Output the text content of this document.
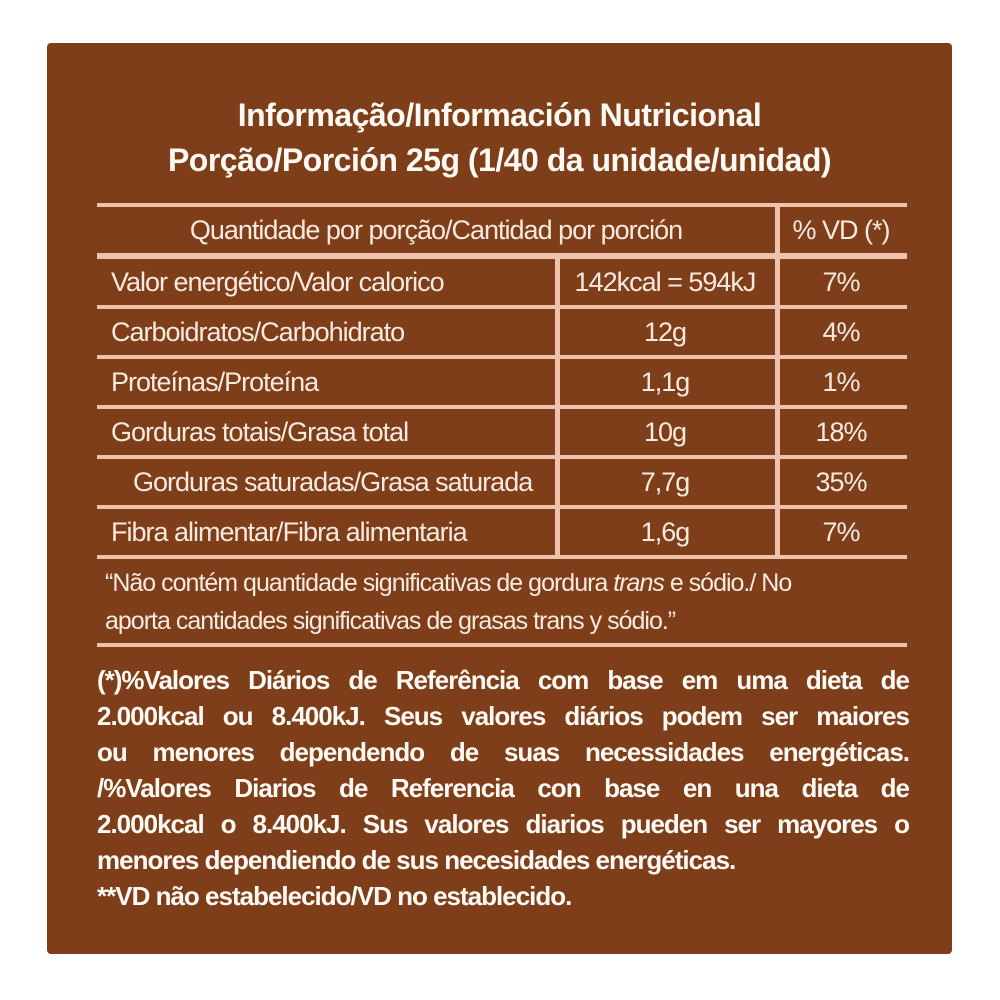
Informação/Información Nutricional
Porção/Porción 25g (1/40 da unidade/unidad)
Quantidade por porção/Cantidad por porción	% VD (*)
Valor energético/Valor calorico	142kcal = 594kJ	7%
Carboidratos/Carbohidrato	12g	4%
Proteínas/Proteína	1,1g	1%
Gorduras totais/Grasa total	10g	18%
Gorduras saturadas/Grasa saturada	7,7g	35%
Fibra alimentar/Fibra alimentaria	1,6g	7%
“Não contém quantidade significativas de gordura trans e sódio./ No
aporta cantidades significativas de grasas trans y sódio.”
(*)%Valores Diários de Referência com base em uma dieta de
2.000kcal ou 8.400kJ. Seus valores diários podem ser maiores
ou menores dependendo de suas necessidades energéticas.
/%Valores Diarios de Referencia con base en una dieta de
2.000kcal o 8.400kJ. Sus valores diarios pueden ser mayores o
menores dependiendo de sus necesidades energéticas.
**VD não estabelecido/VD no establecido.
